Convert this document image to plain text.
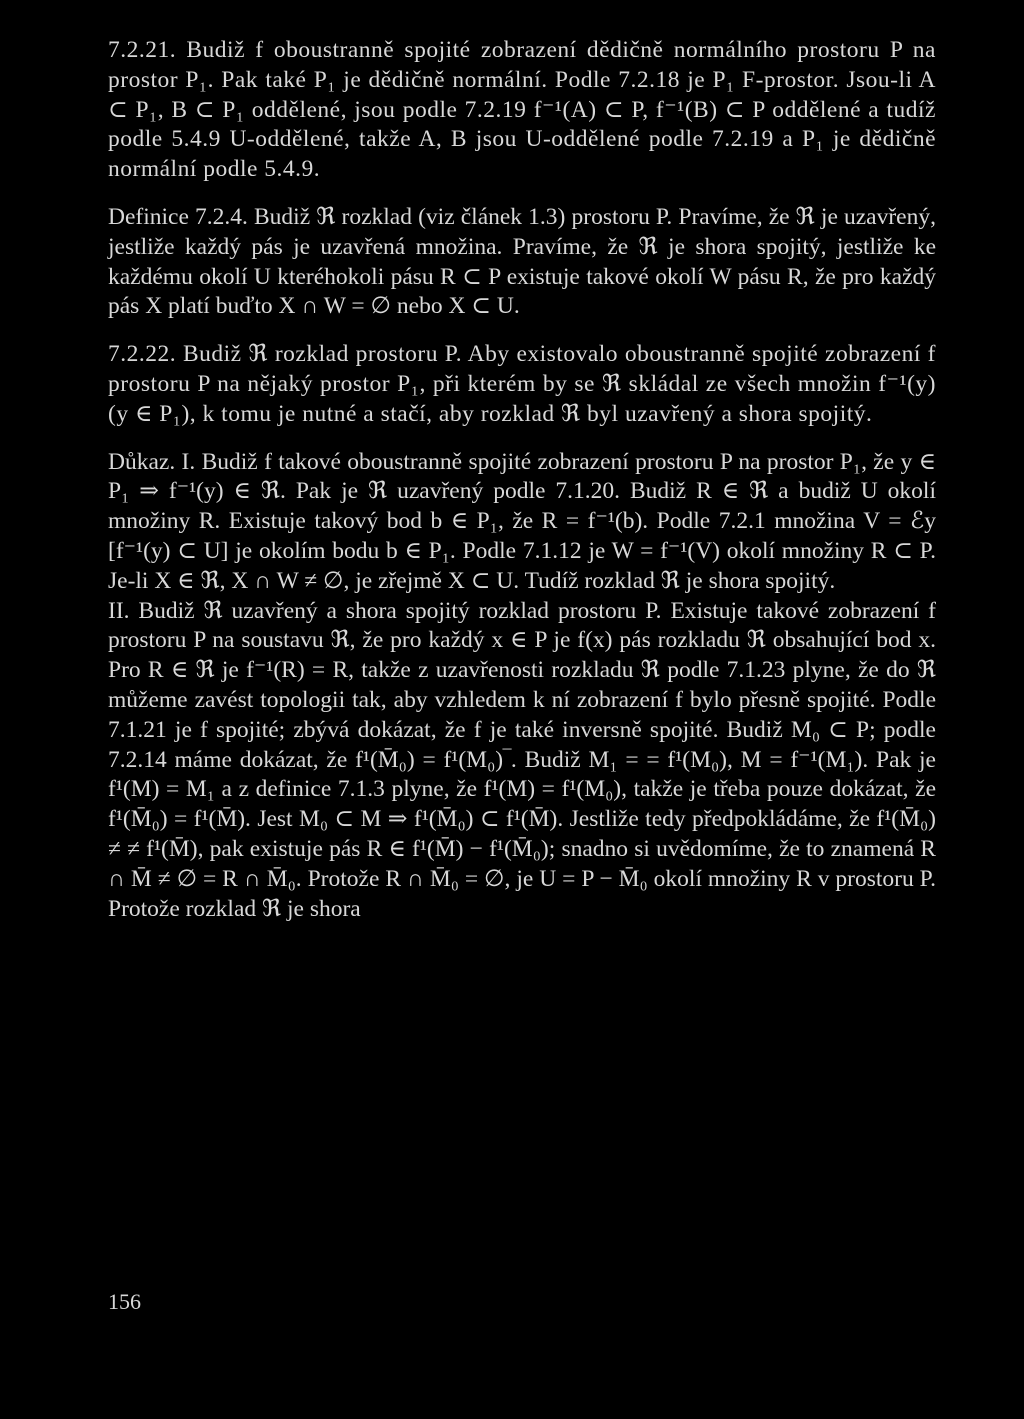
7.2.21. Budiž f oboustranně spojité zobrazení dědičně normálního prostoru P na prostor P₁. Pak také P₁ je dědičně normální. Podle 7.2.18 je P₁ F-prostor. Jsou-li A ⊂ P₁, B ⊂ P₁ oddělené, jsou podle 7.2.19 f⁻¹(A) ⊂ P, f⁻¹(B) ⊂ P oddělené a tudíž podle 5.4.9 U-oddělené, takže A, B jsou U-oddělené podle 7.2.19 a P₁ je dědičně normální podle 5.4.9.

Definice 7.2.4. Budiž ℜ rozklad (viz článek 1.3) prostoru P. Pravíme, že ℜ je uzavřený, jestliže každý pás je uzavřená množina. Pravíme, že ℜ je shora spojitý, jestliže ke každému okolí U kteréhokoli pásu R ⊂ P existuje takové okolí W pásu R, že pro každý pás X platí buďto X ∩ W = ∅ nebo X ⊂ U.

7.2.22. Budiž ℜ rozklad prostoru P. Aby existovalo oboustranně spojité zobrazení f prostoru P na nějaký prostor P₁, při kterém by se ℜ skládal ze všech množin f⁻¹(y) (y ∈ P₁), k tomu je nutné a stačí, aby rozklad ℜ byl uzavřený a shora spojitý.

Důkaz. I. Budiž f takové oboustranně spojité zobrazení prostoru P na prostor P₁, že y ∈ P₁ ⇒ f⁻¹(y) ∈ ℜ. Pak je ℜ uzavřený podle 7.1.20. Budiž R ∈ ℜ a budiž U okolí množiny R. Existuje takový bod b ∈ P₁, že R = f⁻¹(b). Podle 7.2.1 množina V = ℰy [f⁻¹(y) ⊂ U] je okolím bodu b ∈ P₁. Podle 7.1.12 je W = f⁻¹(V) okolí množiny R ⊂ P. Je-li X ∈ ℜ, X ∩ W ≠ ∅, je zřejmě X ⊂ U. Tudíž rozklad ℜ je shora spojitý.

II. Budiž ℜ uzavřený a shora spojitý rozklad prostoru P. Existuje takové zobrazení f prostoru P na soustavu ℜ, že pro každý x ∈ P je f(x) pás rozkladu ℜ obsahující bod x. Pro R ∈ ℜ je f⁻¹(R) = R, takže z uzavřenosti rozkladu ℜ podle 7.1.23 plyne, že do ℜ můžeme zavést topologii tak, aby vzhledem k ní zobrazení f bylo přesně spojité. Podle 7.1.21 je f spojité; zbývá dokázat, že f je také inversně spojité. Budiž M₀ ⊂ P; podle 7.2.14 máme dokázat, že f¹(M̄₀) = f¹(M₀)‾. Budiž M₁ = = f¹(M₀), M = f⁻¹(M₁). Pak je f¹(M) = M₁ a z definice 7.1.3 plyne, že f¹(M) = f¹(M₀), takže je třeba pouze dokázat, že f¹(M̄₀) = f¹(M̄). Jest M₀ ⊂ M ⇒ f¹(M̄₀) ⊂ f¹(M̄). Jestliže tedy předpokládáme, že f¹(M̄₀) ≠ ≠ f¹(M̄), pak existuje pás R ∈ f¹(M̄) − f¹(M̄₀); snadno si uvědomíme, že to znamená R ∩ M̄ ≠ ∅ = R ∩ M̄₀. Protože R ∩ M̄₀ = ∅, je U = P − M̄₀ okolí množiny R v prostoru P. Protože rozklad ℜ je shora

156
